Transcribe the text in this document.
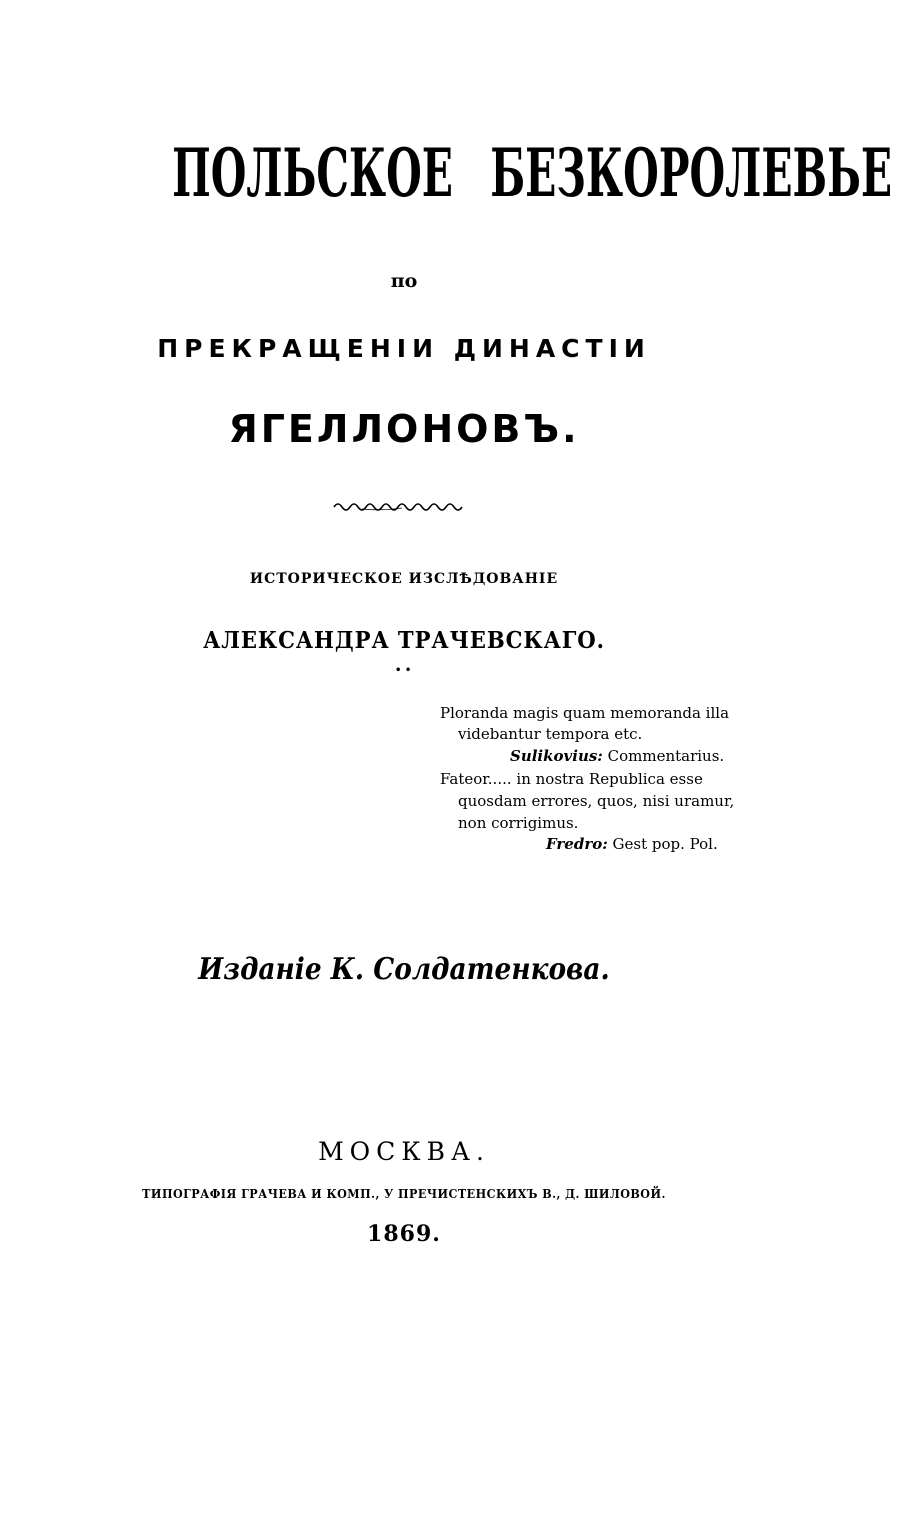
ПОЛЬСКОЕ БЕЗКОРОЛЕВЬЕ
по
ПРЕКРАЩЕНІИ ДИНАСТІИ
ЯГЕЛЛОНОВЪ.
ИСТОРИЧЕСКОЕ ИЗСЛѢДОВАНІЕ
АЛЕКСАНДРА ТРАЧЕВСКАГО.
• •
Ploranda magis quam memoranda illa
videbantur tempora etc.
Sulikovius: Commentarius.
Fateor..... in nostra Republica esse
quosdam errores, quos, nisi uramur,
non corrigimus.
Fredro: Gest pop. Pol.
Изданіе К. Солдатенкова.
МОСКВА.
ТИПОГРАФІЯ ГРАЧЕВА И КОМП., У ПРЕЧИСТЕНСКИХЪ В., Д. ШИЛОВОЙ.
1869.
